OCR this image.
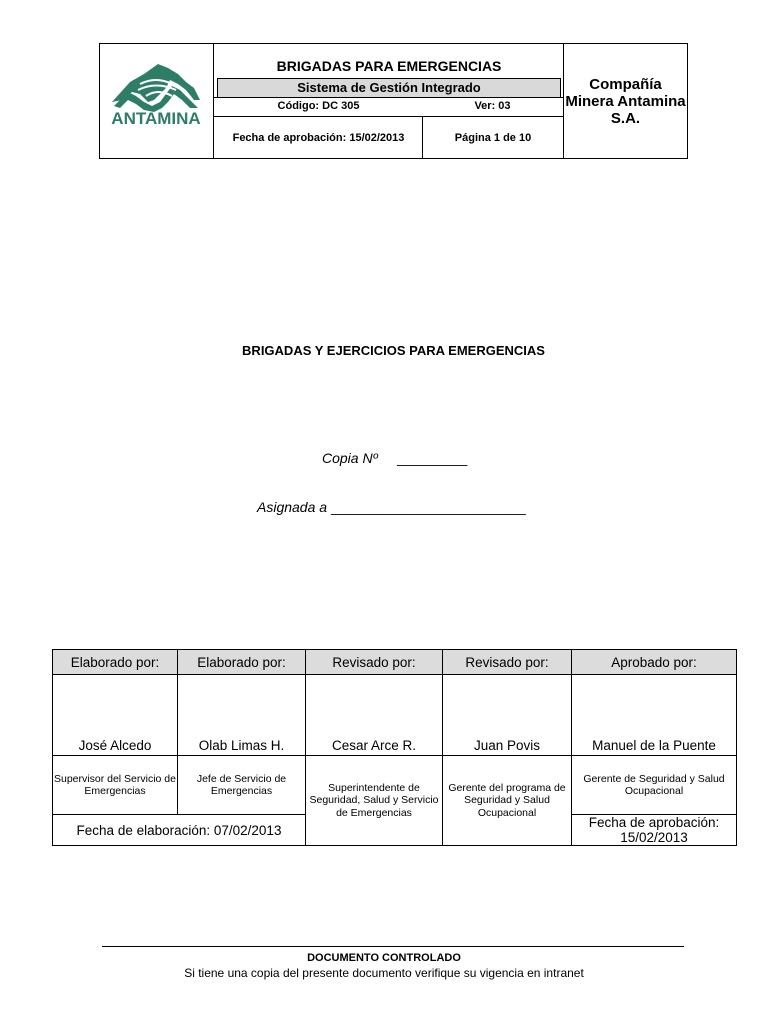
ANTAMINA
BRIGADAS PARA EMERGENCIAS
Sistema de Gestión Integrado
Código: DC 305	Ver: 03
Fecha de aprobación: 15/02/2013	Página 1 de 10
Compañía Minera Antamina S.A.
BRIGADAS Y EJERCICIOS PARA EMERGENCIAS
Copia Nº _________
Asignada a _________________________
Elaborado por:	Elaborado por:	Revisado por:	Revisado por:	Aprobado por:
José Alcedo	Olab Limas H.	Cesar Arce R.	Juan Povis	Manuel de la Puente
Supervisor del Servicio de Emergencias	Jefe de Servicio de Emergencias	Superintendente de Seguridad, Salud y Servicio de Emergencias	Gerente del programa de Seguridad y Salud Ocupacional	Gerente de Seguridad y Salud Ocupacional
Fecha de elaboración: 07/02/2013				Fecha de aprobación:
15/02/2013
DOCUMENTO CONTROLADO
Si tiene una copia del presente documento verifique su vigencia en intranet
